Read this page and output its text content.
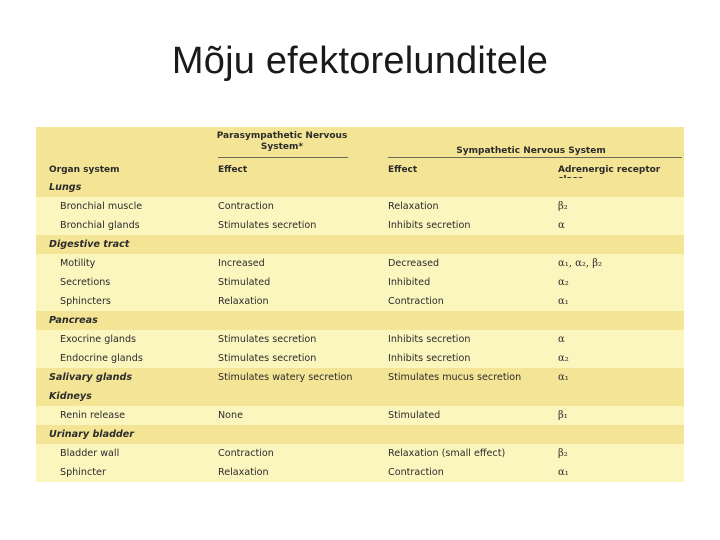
Mõju efektorelunditele
Parasympathetic Nervous System*	Sympathetic Nervous System
Organ system	Effect	Effect	Adrenergic receptor
Lungs
Bronchial muscle	Contraction	Relaxation	β₂
Bronchial glands	Stimulates secretion	Inhibits secretion	α
Digestive tract
Motility	Increased	Decreased	α₁, α₂, β₂
Secretions	Stimulated	Inhibited	α₂
Sphincters	Relaxation	Contraction	α₁
Pancreas
Exocrine glands	Stimulates secretion	Inhibits secretion	α
Endocrine glands	Stimulates secretion	Inhibits secretion	α₂
Salivary glands	Stimulates watery secretion	Stimulates mucus secretion	α₁
Kidneys
Renin release	None	Stimulated	β₁
Urinary bladder
Bladder wall	Contraction	Relaxation (small effect)	β₂
Sphincter	Relaxation	Contraction	α₁
